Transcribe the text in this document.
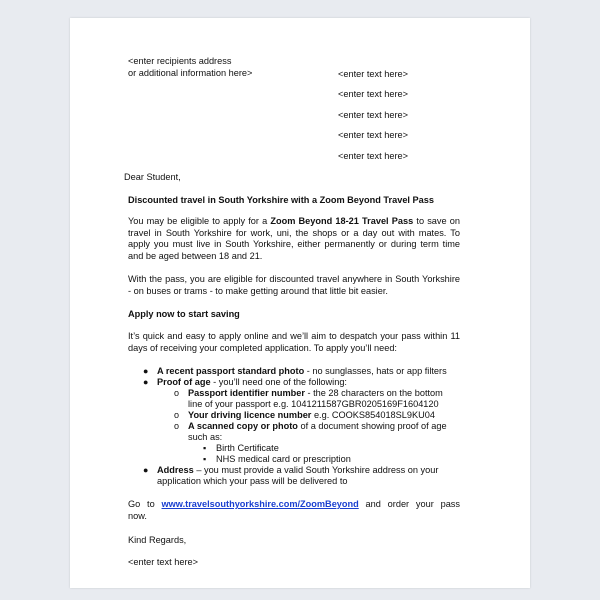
<enter recipients address
or additional information here>	<enter text here>
<enter text here>
<enter text here>
<enter text here>
<enter text here>
Dear Student,
Discounted travel in South Yorkshire with a Zoom Beyond Travel Pass
You may be eligible to apply for a Zoom Beyond 18-21 Travel Pass to save on travel in South Yorkshire for work, uni, the shops or a day out with mates. To apply you must live in South Yorkshire, either permanently or during term time and be aged between 18 and 21.
With the pass, you are eligible for discounted travel anywhere in South Yorkshire - on buses or trams - to make getting around that little bit easier.
Apply now to start saving
It’s quick and easy to apply online and we’ll aim to despatch your pass within 11 days of receiving your completed application. To apply you’ll need:
● A recent passport standard photo - no sunglasses, hats or app filters
● Proof of age - you’ll need one of the following:
o Passport identifier number - the 28 characters on the bottom
line of your passport e.g. 1041211587GBR0205169F1604120
o Your driving licence number e.g. COOKS854018SL9KU04
o A scanned copy or photo of a document showing proof of age
such as:
▪ Birth Certificate
▪ NHS medical card or prescription
● Address – you must provide a valid South Yorkshire address on your
application which your pass will be delivered to
Go to www.travelsouthyorkshire.com/ZoomBeyond and order your pass now.
Kind Regards,
<enter text here>
